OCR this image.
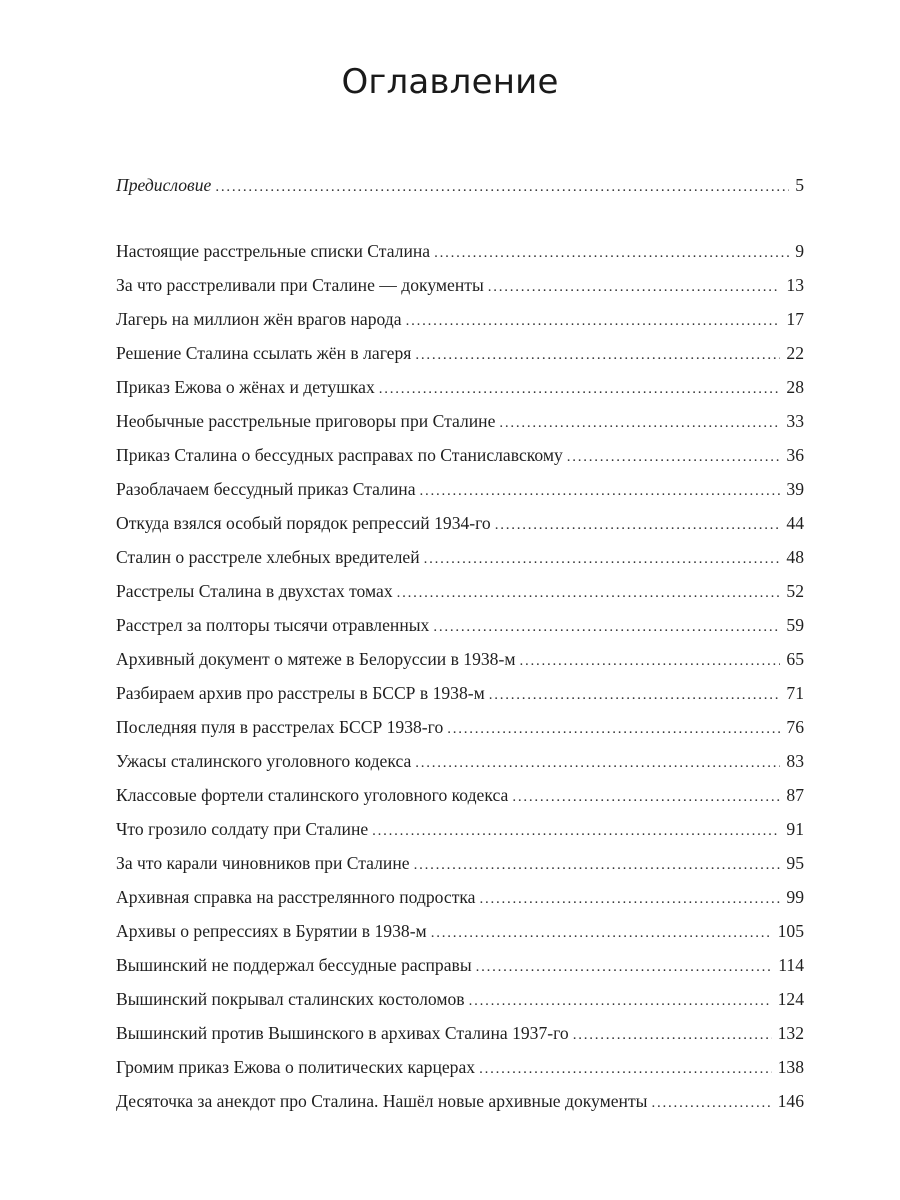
Оглавление
Предисловие . . .	5
Настоящие расстрельные списки Сталина . . .	9
За что расстреливали при Сталине — документы . . .	13
Лагерь на миллион жён врагов народа . . .	17
Решение Сталина ссылать жён в лагеря . . .	22
Приказ Ежова о жёнах и детушках . . .	28
Необычные расстрельные приговоры при Сталине . . .	33
Приказ Сталина о бессудных расправах по Станиславскому . . .	36
Разоблачаем бессудный приказ Сталина . . .	39
Откуда взялся особый порядок репрессий 1934-го . . .	44
Сталин о расстреле хлебных вредителей . . .	48
Расстрелы Сталина в двухстах томах . . .	52
Расстрел за полторы тысячи отравленных . . .	59
Архивный документ о мятеже в Белоруссии в 1938-м . . .	65
Разбираем архив про расстрелы в БССР в 1938-м . . .	71
Последняя пуля в расстрелах БССР 1938-го . . .	76
Ужасы сталинского уголовного кодекса . . .	83
Классовые фортели сталинского уголовного кодекса . . .	87
Что грозило солдату при Сталине . . .	91
За что карали чиновников при Сталине . . .	95
Архивная справка на расстрелянного подростка . . .	99
Архивы о репрессиях в Бурятии в 1938-м . . .	105
Вышинский не поддержал бессудные расправы . . .	114
Вышинский покрывал сталинских костоломов . . .	124
Вышинский против Вышинского в архивах Сталина 1937-го . . .	132
Громим приказ Ежова о политических карцерах . . .	138
Десяточка за анекдот про Сталина. Нашёл новые архивные документы . . .	146
